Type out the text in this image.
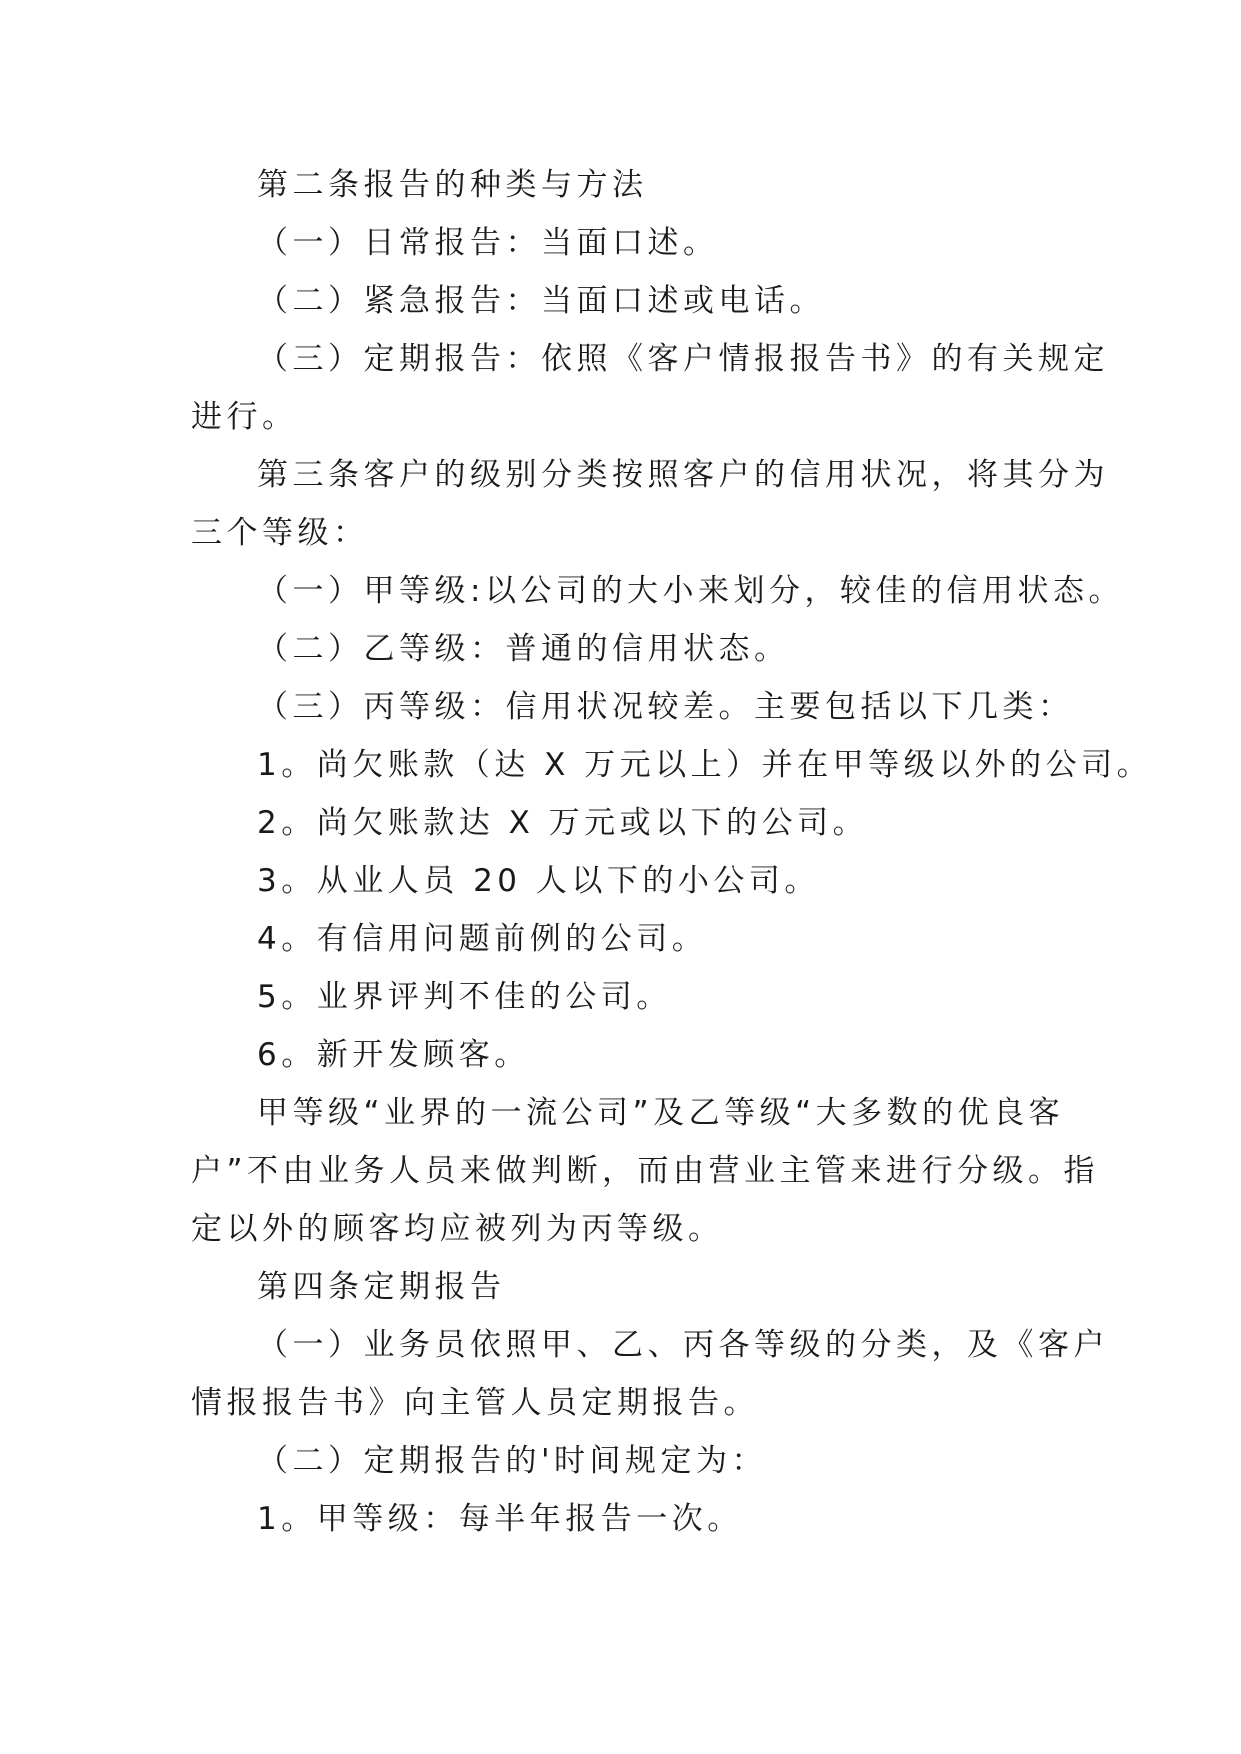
第二条报告的种类与方法
（一）日常报告：当面口述。
（二）紧急报告：当面口述或电话。
（三）定期报告：依照《客户情报报告书》的有关规定
进行。
第三条客户的级别分类按照客户的信用状况，将其分为
三个等级：
（一）甲等级:以公司的大小来划分，较佳的信用状态。
（二）乙等级：普通的信用状态。
（三）丙等级：信用状况较差。主要包括以下几类：
1。尚欠账款（达 X 万元以上）并在甲等级以外的公司。
2。尚欠账款达 X 万元或以下的公司。
3。从业人员 20 人以下的小公司。
4。有信用问题前例的公司。
5。业界评判不佳的公司。
6。新开发顾客。
甲等级“业界的一流公司”及乙等级“大多数的优良客
户”不由业务人员来做判断，而由营业主管来进行分级。指
定以外的顾客均应被列为丙等级。
第四条定期报告
（一）业务员依照甲、乙、丙各等级的分类，及《客户
情报报告书》向主管人员定期报告。
（二）定期报告的'时间规定为：
1。甲等级：每半年报告一次。
